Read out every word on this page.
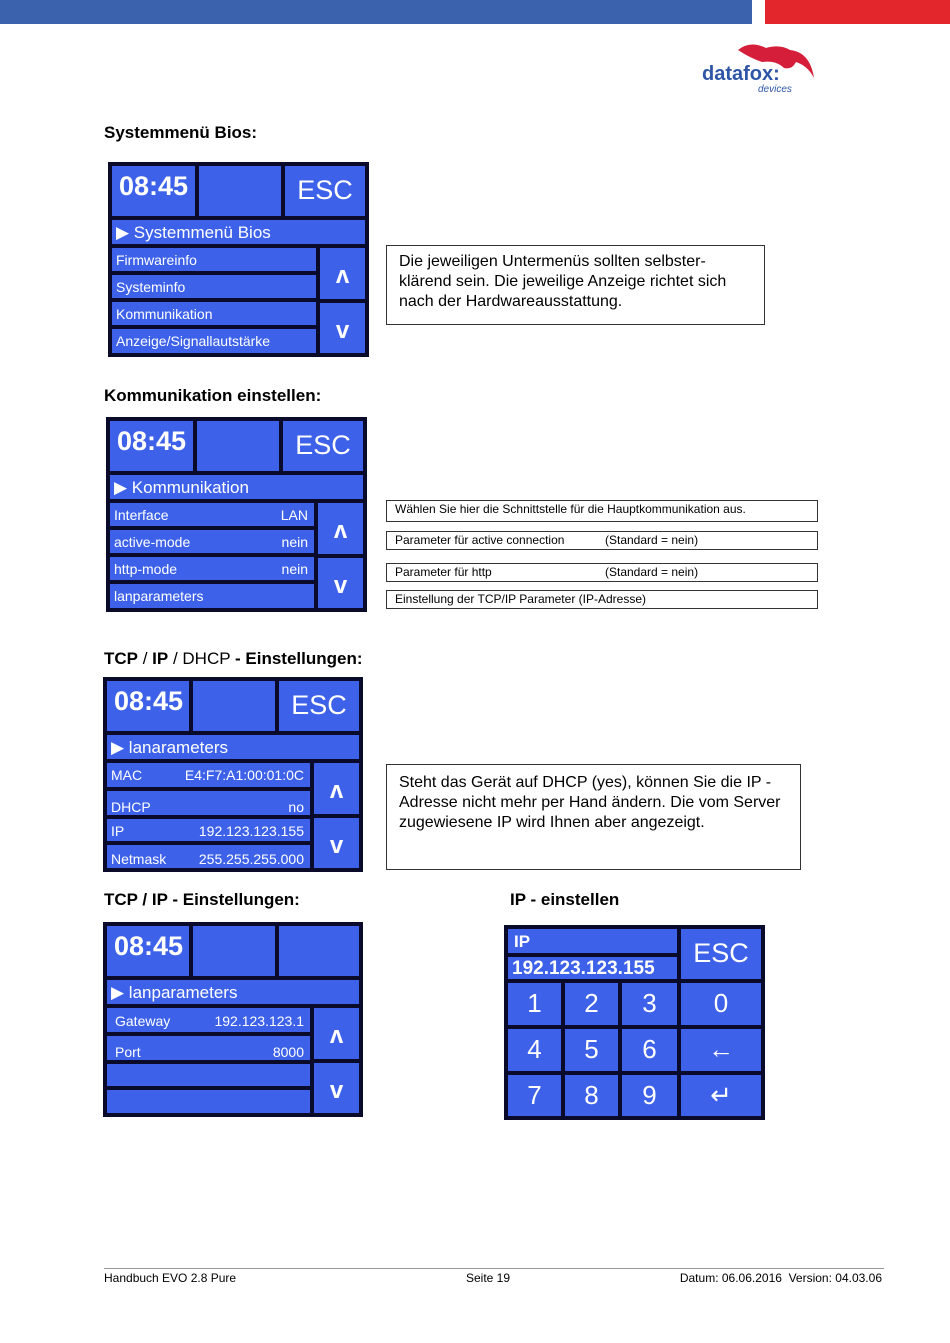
datafox:
devices
Systemmenü Bios:
08:45	ESC
▶ Systemmenü Bios
Firmwareinfo
Systeminfo
Kommunikation
Anzeige/Signallautstärke
ʌ
v
Die jeweiligen Untermenüs sollten selbster- klärend sein. Die jeweilige Anzeige richtet sich nach der Hardwareausstattung.
Kommunikation einstellen:
08:45	ESC
▶ Kommunikation
Interface	LAN
active-mode	nein
http-mode	nein
lanparameters
ʌ
v
Wählen Sie hier die Schnittstelle für die Hauptkommunikation aus.
Parameter für active connection	(Standard = nein)
Parameter für http	(Standard = nein)
Einstellung der TCP/IP Parameter (IP-Adresse)
TCP / IP / DHCP - Einstellungen:
08:45	ESC
▶ lanarameters
MAC	E4:F7:A1:00:01:0C
DHCP	no
IP	192.123.123.155
Netmask 255.255.255.000
ʌ
v
Steht das Gerät auf DHCP (yes), können Sie die IP -Adresse nicht mehr per Hand ändern. Die vom Server zugewiesene IP wird Ihnen aber angezeigt.
TCP / IP - Einstellungen:
08:45
▶ lanparameters
Gateway	192.123.123.1
Port	8000
ʌ
v
IP - einstellen
IP
192.123.123.155
ESC
1	2	3	0
4	5	6	←
7	8	9	↵
Handbuch EVO 2.8 Pure	Seite 19	Datum: 06.06.2016  Version: 04.03.06
